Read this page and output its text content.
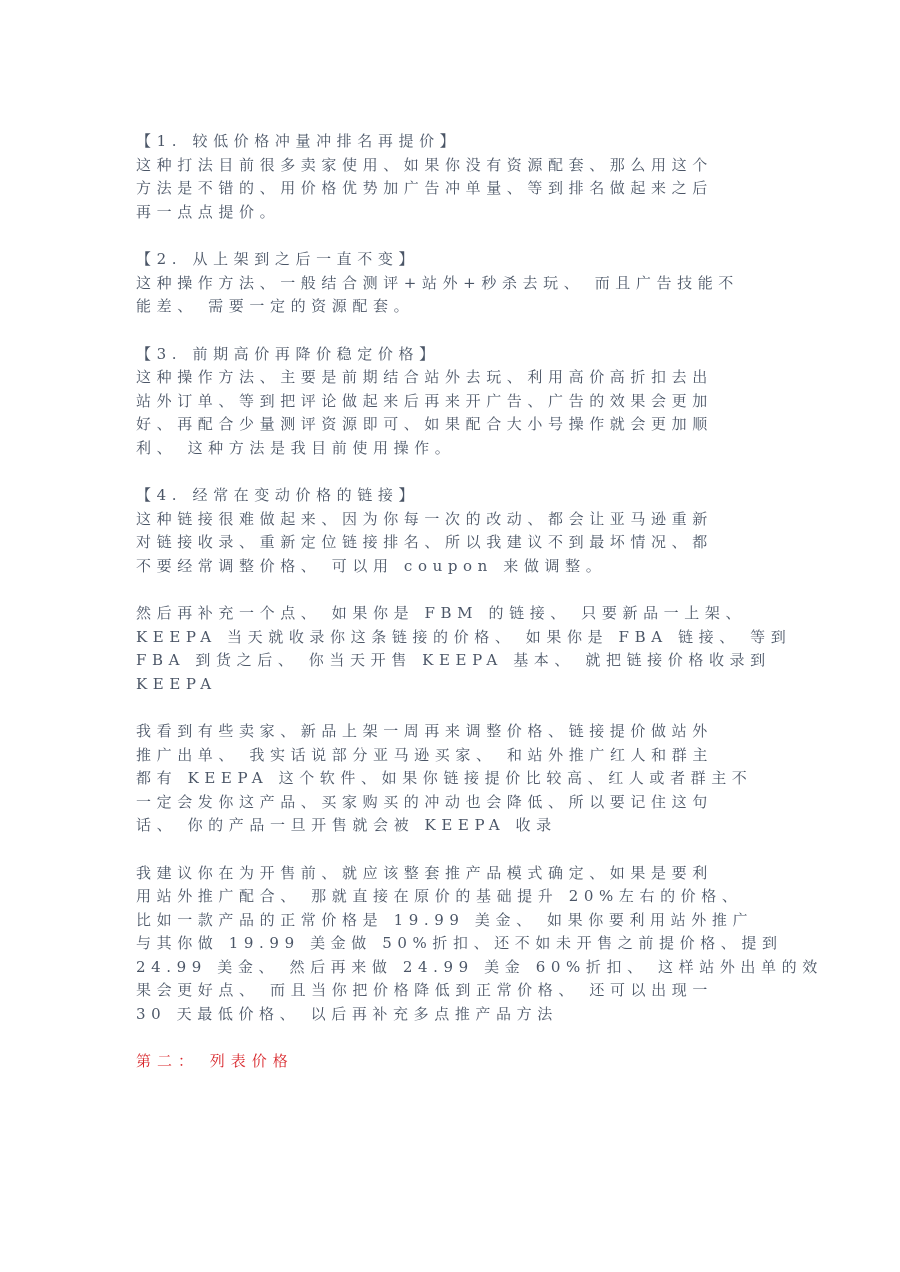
【1. 较低价格冲量冲排名再提价】

这种打法目前很多卖家使用、如果你没有资源配套、那么用这个

方法是不错的、用价格优势加广告冲单量、等到排名做起来之后

再一点点提价。

【2. 从上架到之后一直不变】

这种操作方法、一般结合测评+站外+秒杀去玩、 而且广告技能不

能差、 需要一定的资源配套。

【3. 前期高价再降价稳定价格】

这种操作方法、主要是前期结合站外去玩、利用高价高折扣去出

站外订单、等到把评论做起来后再来开广告、广告的效果会更加

好、再配合少量测评资源即可、如果配合大小号操作就会更加顺

利、 这种方法是我目前使用操作。

【4. 经常在变动价格的链接】

这种链接很难做起来、因为你每一次的改动、都会让亚马逊重新

对链接收录、重新定位链接排名、所以我建议不到最坏情况、都

不要经常调整价格、 可以用 coupon 来做调整。

然后再补充一个点、 如果你是 FBM 的链接、 只要新品一上架、

KEEPA 当天就收录你这条链接的价格、 如果你是 FBA 链接、 等到

FBA 到货之后、 你当天开售 KEEPA 基本、 就把链接价格收录到

KEEPA

我看到有些卖家、新品上架一周再来调整价格、链接提价做站外

推广出单、 我实话说部分亚马逊买家、 和站外推广红人和群主

都有 KEEPA 这个软件、如果你链接提价比较高、红人或者群主不

一定会发你这产品、买家购买的冲动也会降低、所以要记住这句

话、 你的产品一旦开售就会被 KEEPA 收录

我建议你在为开售前、就应该整套推产品模式确定、如果是要利

用站外推广配合、 那就直接在原价的基础提升 20%左右的价格、

比如一款产品的正常价格是 19.99 美金、 如果你要利用站外推广

与其你做 19.99 美金做 50%折扣、还不如未开售之前提价格、提到

24.99 美金、 然后再来做 24.99 美金 60%折扣、 这样站外出单的效

果会更好点、 而且当你把价格降低到正常价格、 还可以出现一

30 天最低价格、 以后再补充多点推产品方法

第二： 列表价格
